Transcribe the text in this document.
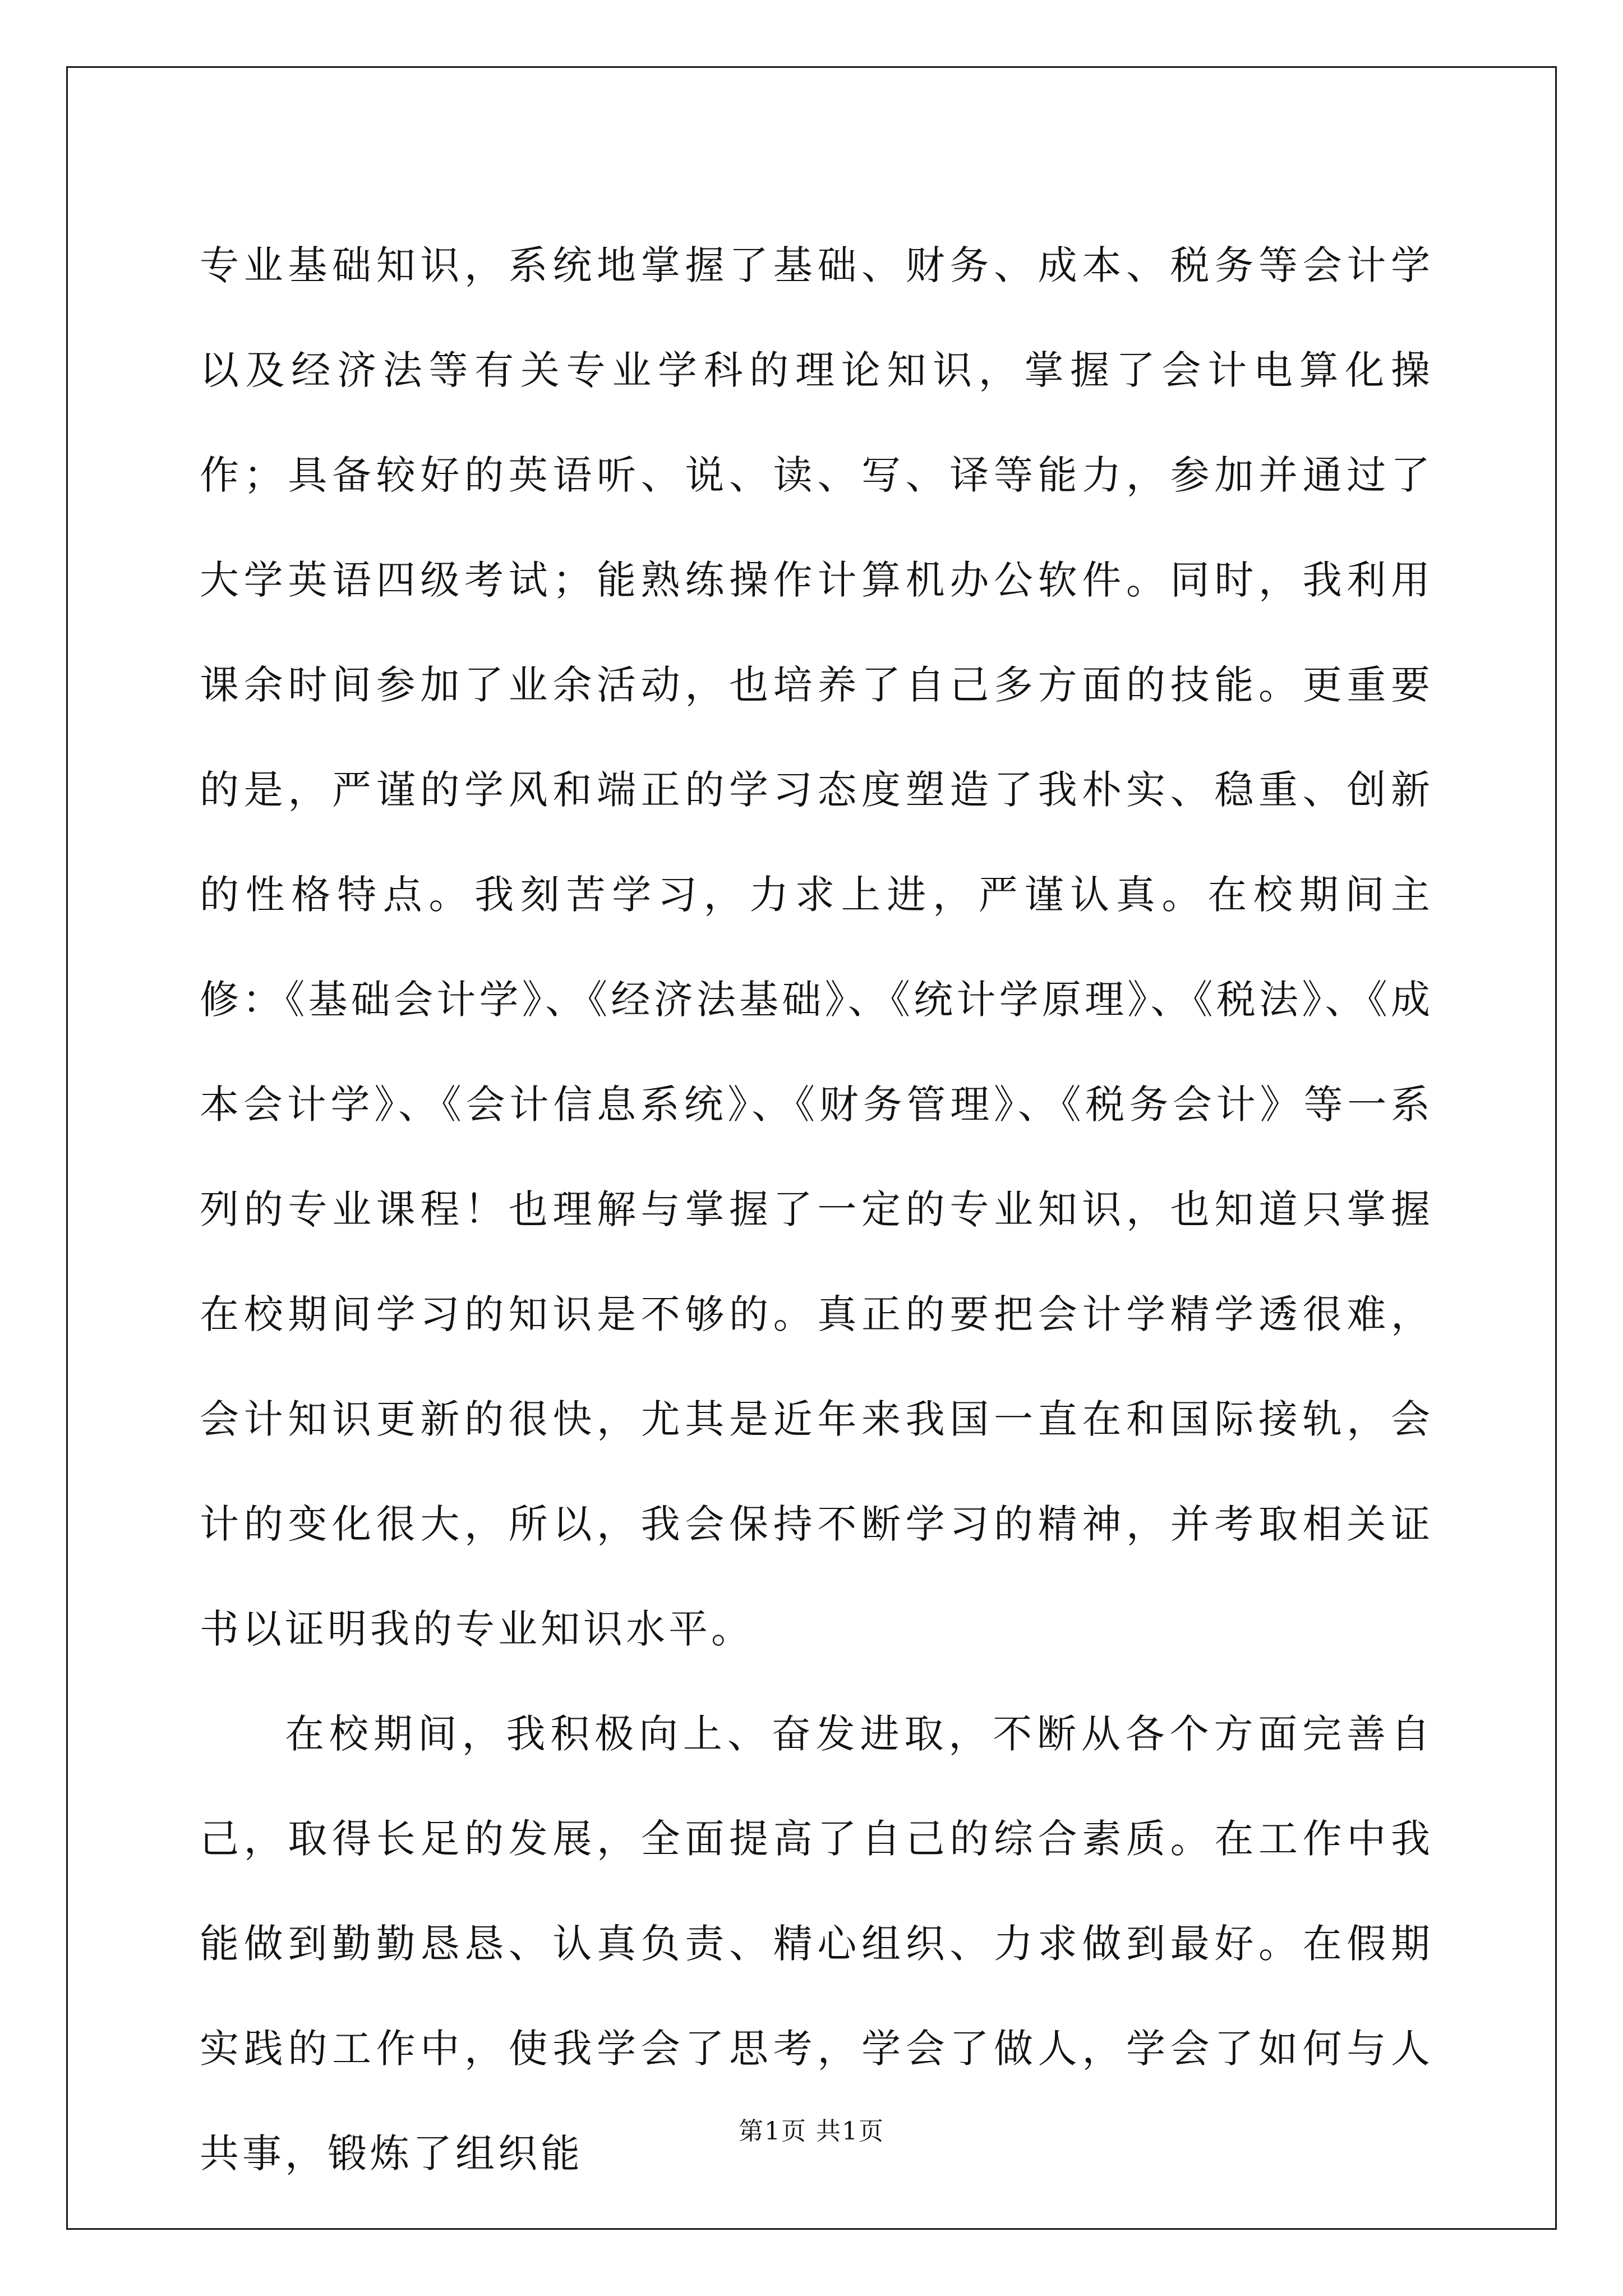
专业基础知识，系统地掌握了基础、财务、成本、税务等会计学以及经济法等有关专业学科的理论知识，掌握了会计电算化操作；具备较好的英语听、说、读、写、译等能力，参加并通过了大学英语四级考试；能熟练操作计算机办公软件。同时，我利用课余时间参加了业余活动，也培养了自己多方面的技能。更重要的是，严谨的学风和端正的学习态度塑造了我朴实、稳重、创新的性格特点。我刻苦学习，力求上进，严谨认真。在校期间主修：《基础会计学》、《经济法基础》、《统计学原理》、《税法》、《成本会计学》、《会计信息系统》、《财务管理》、《税务会计》等一系列的专业课程！也理解与掌握了一定的专业知识，也知道只掌握在校期间学习的知识是不够的。真正的要把会计学精学透很难，会计知识更新的很快，尤其是近年来我国一直在和国际接轨，会计的变化很大，所以，我会保持不断学习的精神，并考取相关证书以证明我的专业知识水平。

在校期间，我积极向上、奋发进取，不断从各个方面完善自己，取得长足的发展，全面提高了自己的综合素质。在工作中我能做到勤勤恳恳、认真负责、精心组织、力求做到最好。在假期实践的工作中，使我学会了思考，学会了做人，学会了如何与人共事，锻炼了组织能	第1页 共1页
